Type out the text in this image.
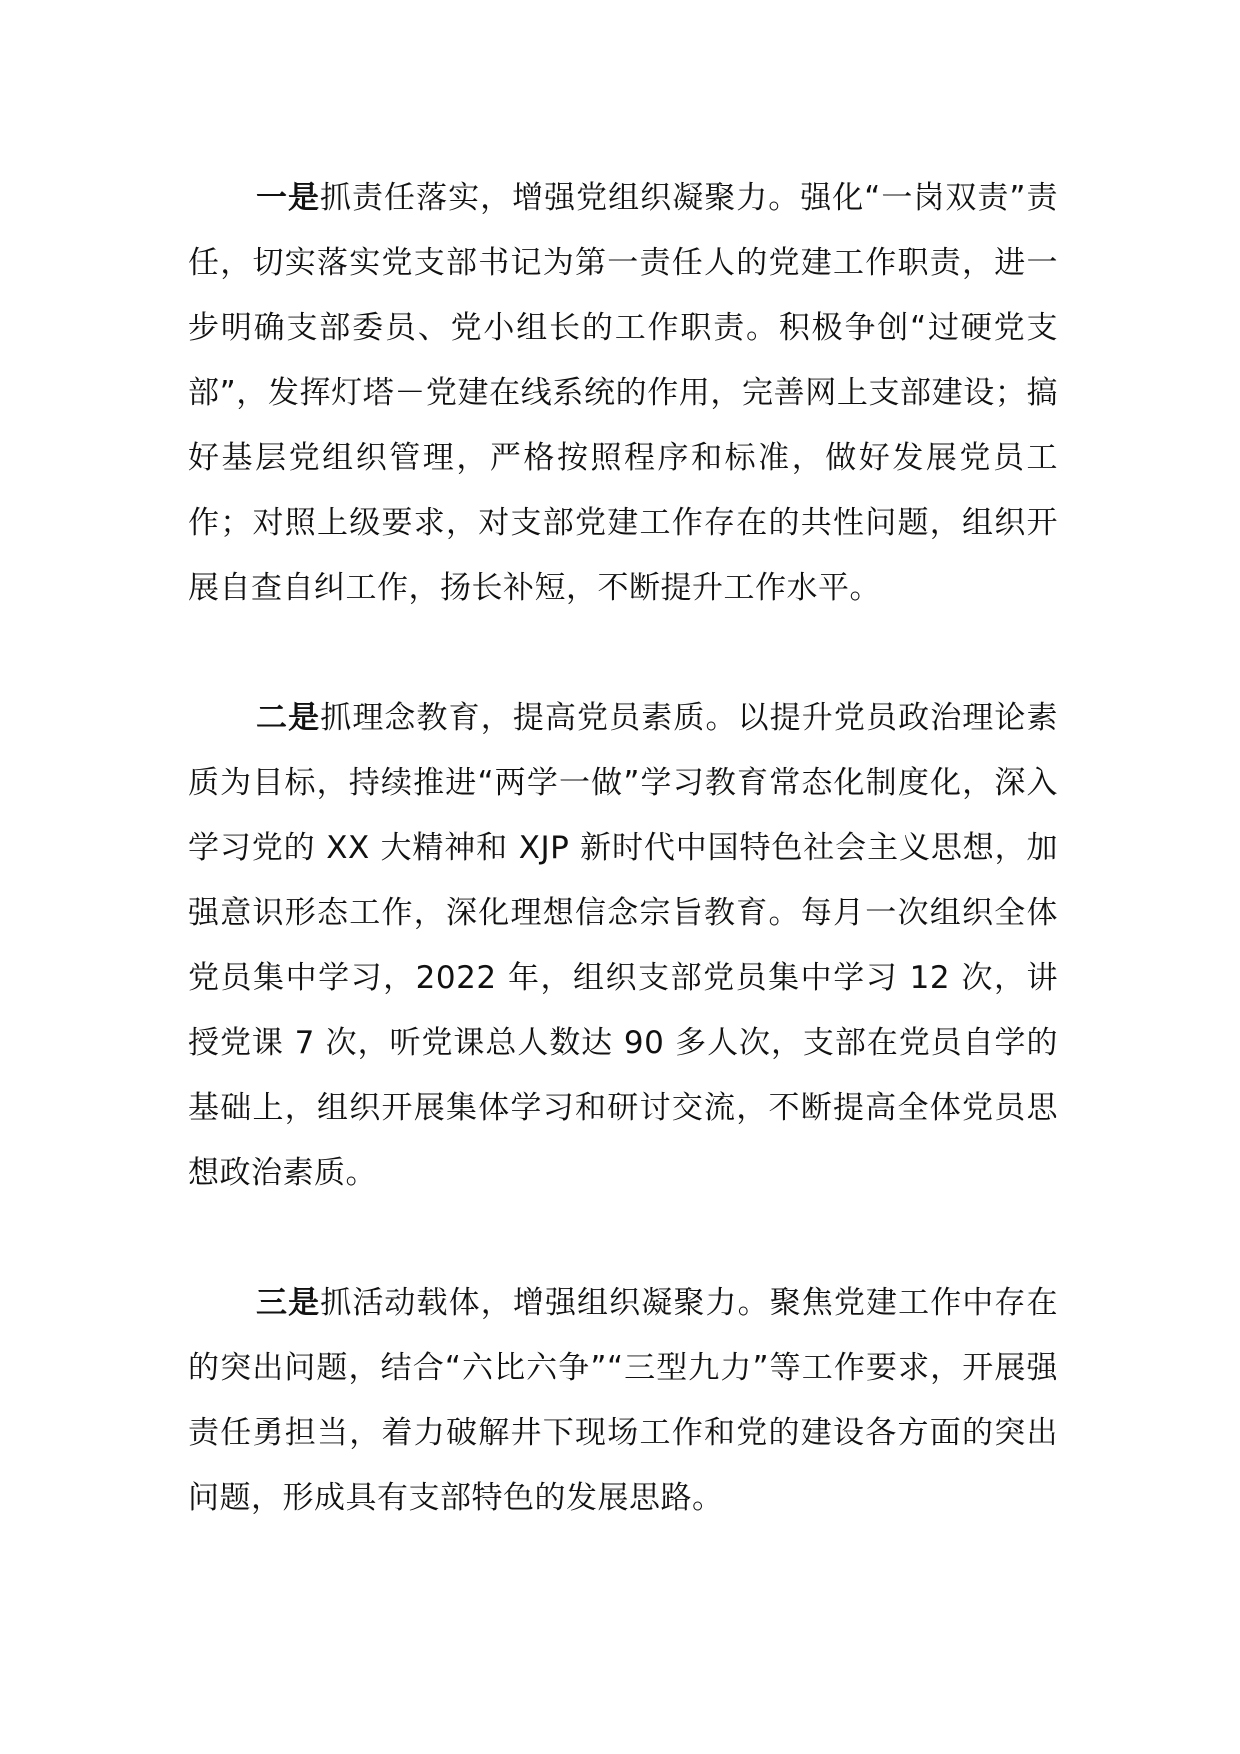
一是抓责任落实，增强党组织凝聚力。强化“一岗双责”责任，切实落实党支部书记为第一责任人的党建工作职责，进一步明确支部委员、党小组长的工作职责。积极争创“过硬党支部”，发挥灯塔－党建在线系统的作用，完善网上支部建设；搞好基层党组织管理，严格按照程序和标准，做好发展党员工作；对照上级要求，对支部党建工作存在的共性问题，组织开展自查自纠工作，扬长补短，不断提升工作水平。

二是抓理念教育，提高党员素质。以提升党员政治理论素质为目标，持续推进“两学一做”学习教育常态化制度化，深入学习党的 XX 大精神和 XJP 新时代中国特色社会主义思想，加强意识形态工作，深化理想信念宗旨教育。每月一次组织全体党员集中学习，2022 年，组织支部党员集中学习 12 次，讲授党课 7 次，听党课总人数达 90 多人次，支部在党员自学的基础上，组织开展集体学习和研讨交流，不断提高全体党员思想政治素质。

三是抓活动载体，增强组织凝聚力。聚焦党建工作中存在的突出问题，结合“六比六争”“三型九力”等工作要求，开展强责任勇担当，着力破解井下现场工作和党的建设各方面的突出问题，形成具有支部特色的发展思路。
